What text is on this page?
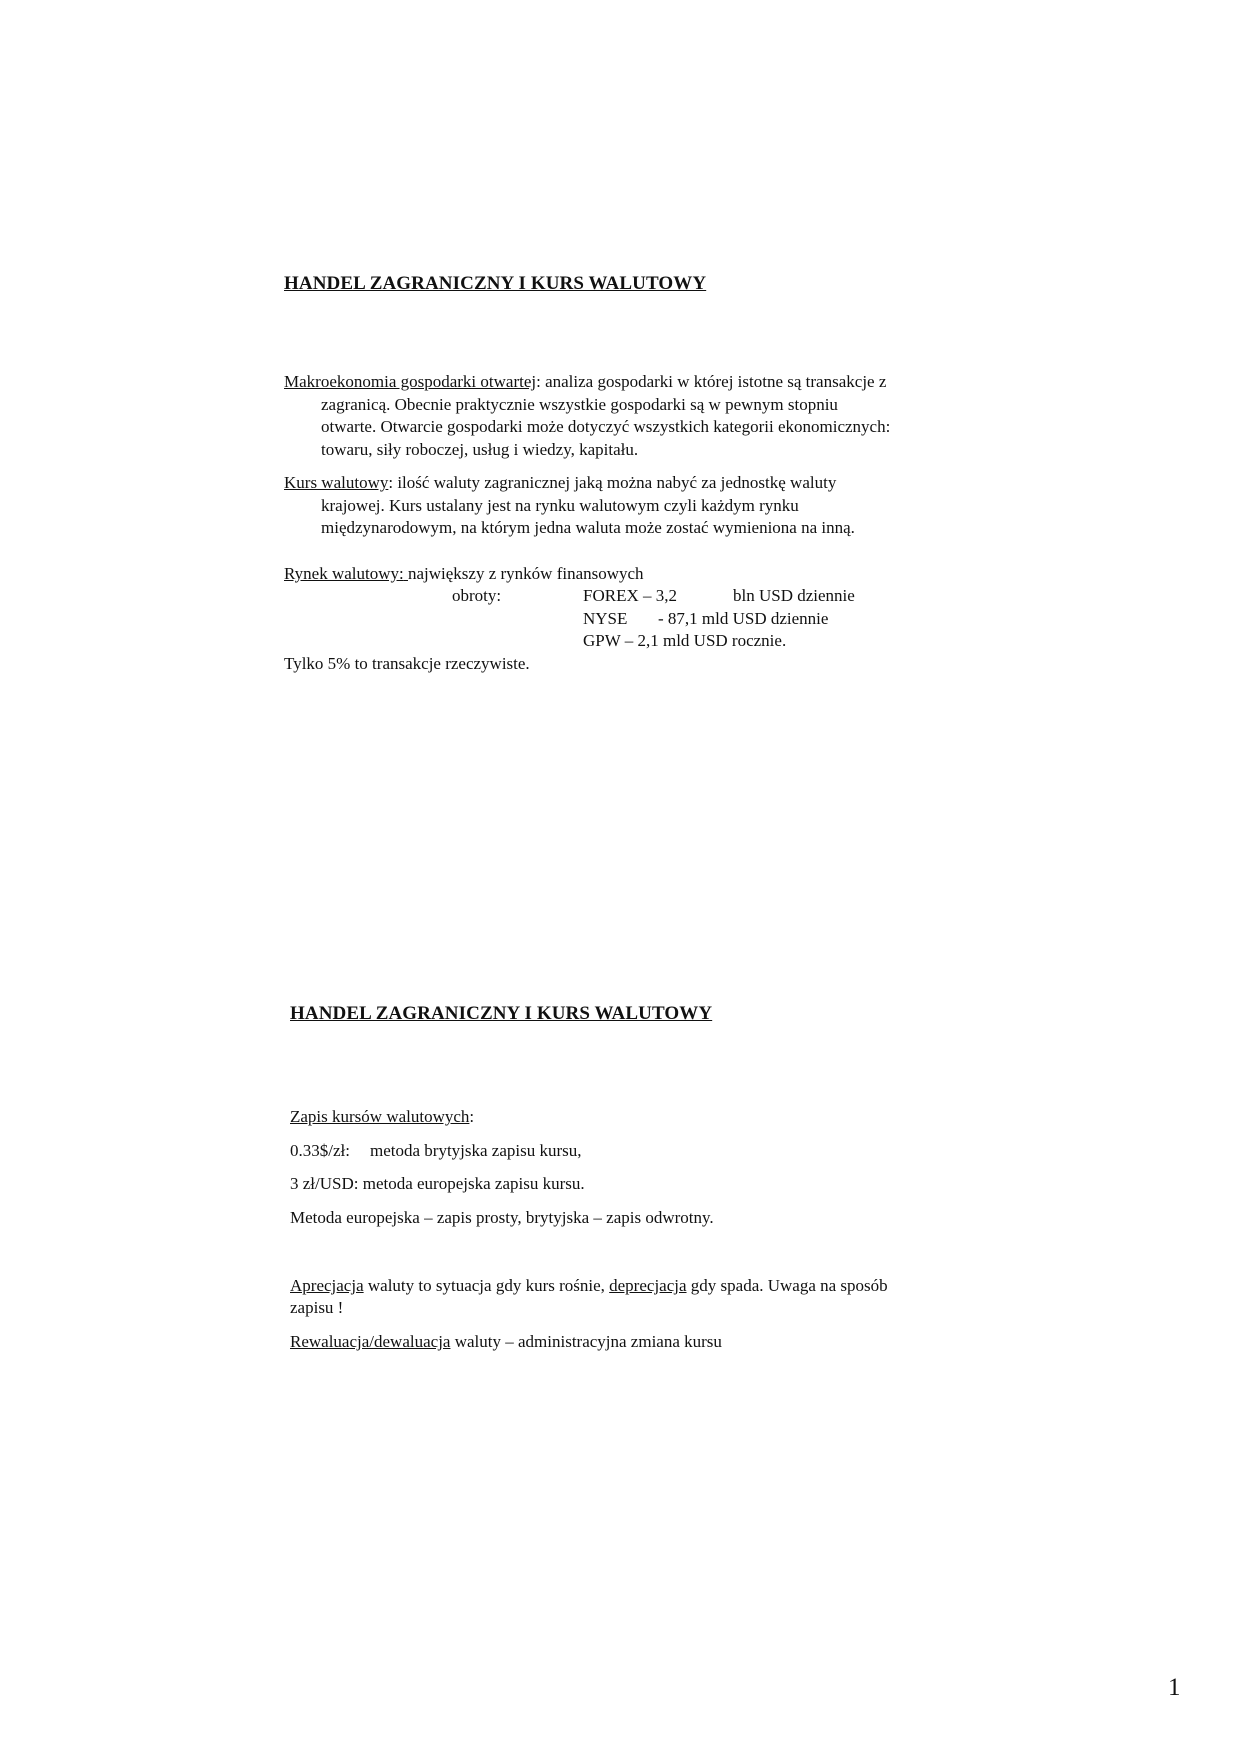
HANDEL ZAGRANICZNY I KURS WALUTOWY
Makroekonomia gospodarki otwartej: analiza gospodarki w której istotne są transakcje z
zagranicą. Obecnie praktycznie wszystkie gospodarki są w pewnym stopniu
otwarte. Otwarcie gospodarki może dotyczyć wszystkich kategorii ekonomicznych:
towaru, siły roboczej, usług i wiedzy, kapitału.
Kurs walutowy: ilość waluty zagranicznej jaką można nabyć za jednostkę waluty
krajowej. Kurs ustalany jest na rynku walutowym czyli każdym rynku
międzynarodowym, na którym jedna waluta może zostać wymieniona na inną.
Rynek walutowy: największy z rynków finansowych
obroty:	FOREX – 3,2	bln USD dziennie
NYSE - 87,1 mld USD dziennie
GPW – 2,1 mld USD rocznie.
Tylko 5% to transakcje rzeczywiste.
HANDEL ZAGRANICZNY I KURS WALUTOWY
Zapis kursów walutowych:
0.33$/zł: metoda brytyjska zapisu kursu,
3 zł/USD: metoda europejska zapisu kursu.
Metoda europejska – zapis prosty, brytyjska – zapis odwrotny.
Aprecjacja waluty to sytuacja gdy kurs rośnie, deprecjacja gdy spada. Uwaga na sposób
zapisu !
Rewaluacja/dewaluacja waluty – administracyjna zmiana kursu
1
